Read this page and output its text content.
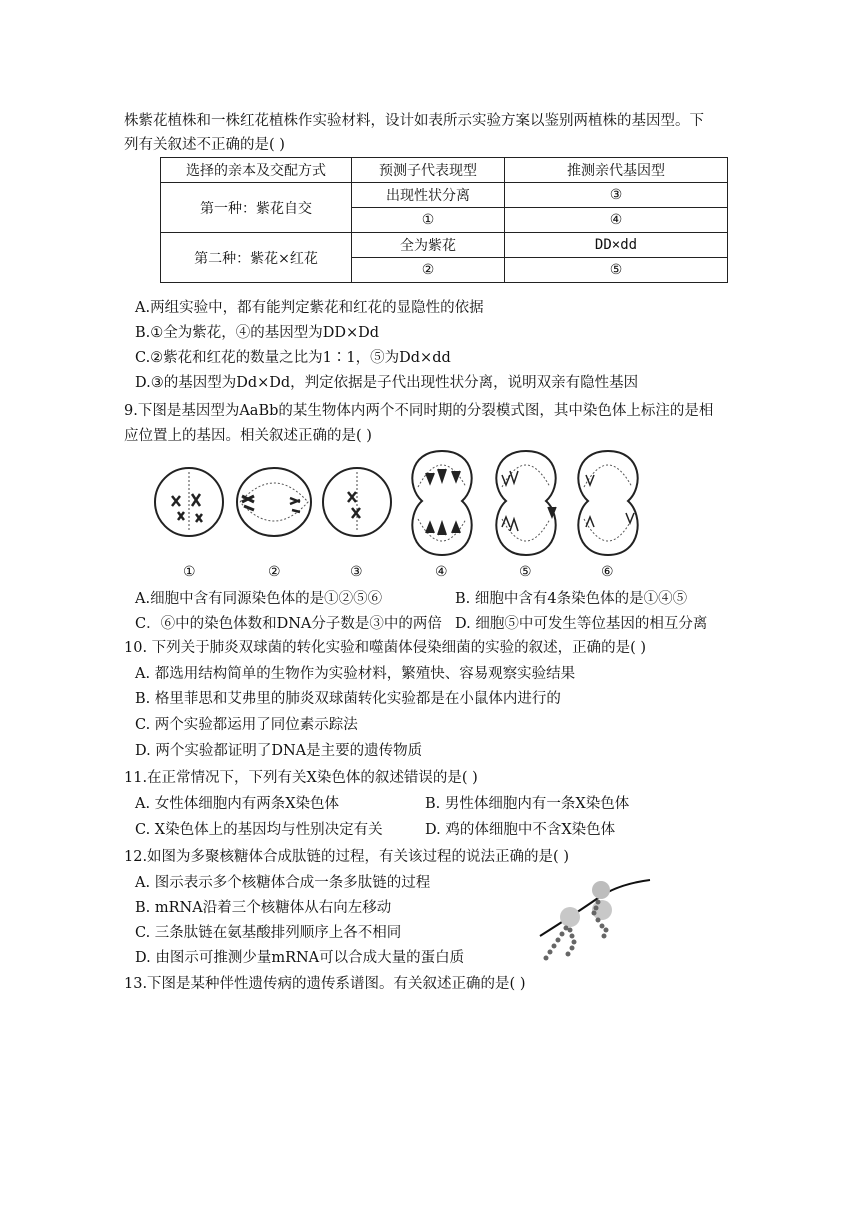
株紫花植株和一株红花植株作实验材料，设计如表所示实验方案以鉴别两植株的基因型。下
列有关叙述不正确的是( )
选择的亲本及交配方式	预测子代表现型	推测亲代基因型
第一种：紫花自交	出现性状分离	③
	①	④
第二种：紫花×红花	全为紫花	DD×dd
	②	⑤
A.两组实验中，都有能判定紫花和红花的显隐性的依据
B.①全为紫花，④的基因型为DD×Dd
C.②紫花和红花的数量之比为1∶1，⑤为Dd×dd
D.③的基因型为Dd×Dd，判定依据是子代出现性状分离，说明双亲有隐性基因
9.下图是基因型为AaBb的某生物体内两个不同时期的分裂模式图，其中染色体上标注的是相
应位置上的基因。相关叙述正确的是( )
①	②	③	④	⑤	⑥
A.细胞中含有同源染色体的是①②⑤⑥	B. 细胞中含有4条染色体的是①④⑤
C．⑥中的染色体数和DNA分子数是③中的两倍 D. 细胞⑤中可发生等位基因的相互分离
10. 下列关于肺炎双球菌的转化实验和噬菌体侵染细菌的实验的叙述，正确的是( )
A. 都选用结构简单的生物作为实验材料，繁殖快、容易观察实验结果
B. 格里菲思和艾弗里的肺炎双球菌转化实验都是在小鼠体内进行的
C. 两个实验都运用了同位素示踪法
D. 两个实验都证明了DNA是主要的遗传物质
11.在正常情况下，下列有关X染色体的叙述错误的是( )
A. 女性体细胞内有两条X染色体	B. 男性体细胞内有一条X染色体
C. X染色体上的基因均与性别决定有关	D. 鸡的体细胞中不含X染色体
12.如图为多聚核糖体合成肽链的过程，有关该过程的说法正确的是( )
A. 图示表示多个核糖体合成一条多肽链的过程
B. mRNA沿着三个核糖体从右向左移动
C. 三条肽链在氨基酸排列顺序上各不相同
D. 由图示可推测少量mRNA可以合成大量的蛋白质
13.下图是某种伴性遗传病的遗传系谱图。有关叙述正确的是( )
